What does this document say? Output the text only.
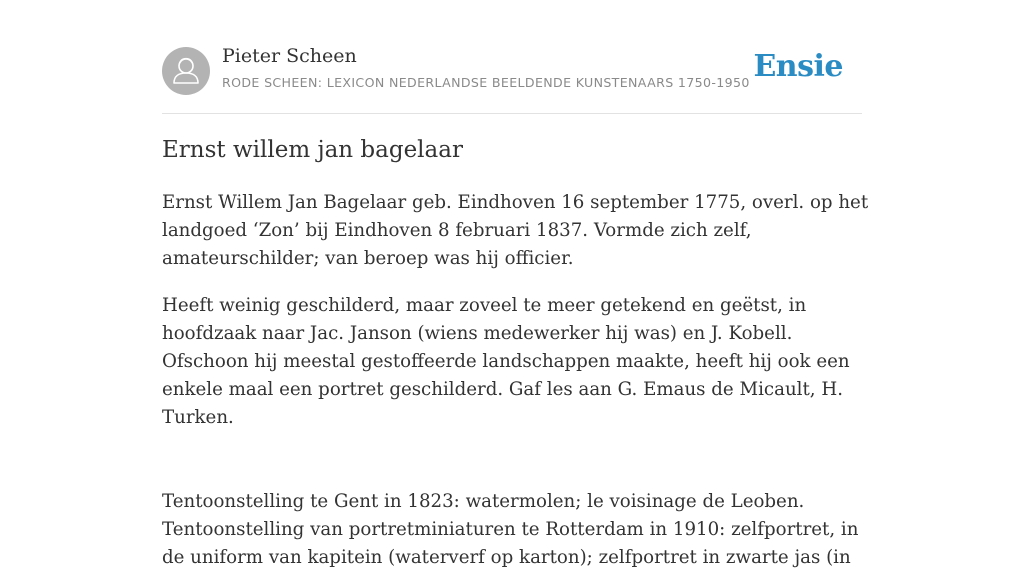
Pieter Scheen
RODE SCHEEN: LEXICON NEDERLANDSE BEELDENDE KUNSTENAARS 1750-1950 Ensie
Ernst willem jan bagelaar

Ernst Willem Jan Bagelaar geb. Eindhoven 16 september 1775, overl. op het landgoed ‘Zon’ bij Eindhoven 8 februari 1837. Vormde zich zelf, amateurschilder; van beroep was hij officier.

Heeft weinig geschilderd, maar zoveel te meer getekend en geëtst, in hoofdzaak naar Jac. Janson (wiens medewerker hij was) en J. Kobell. Ofschoon hij meestal gestoffeerde landschappen maakte, heeft hij ook een enkele maal een portret geschilderd. Gaf les aan G. Emaus de Micault, H. Turken.

Tentoonstelling te Gent in 1823: watermolen; le voisinage de Leoben.
Tentoonstelling van portretminiaturen te Rotterdam in 1910: zelfportret, in de uniform van kapitein (waterverf op karton); zelfportret in zwarte jas (in
